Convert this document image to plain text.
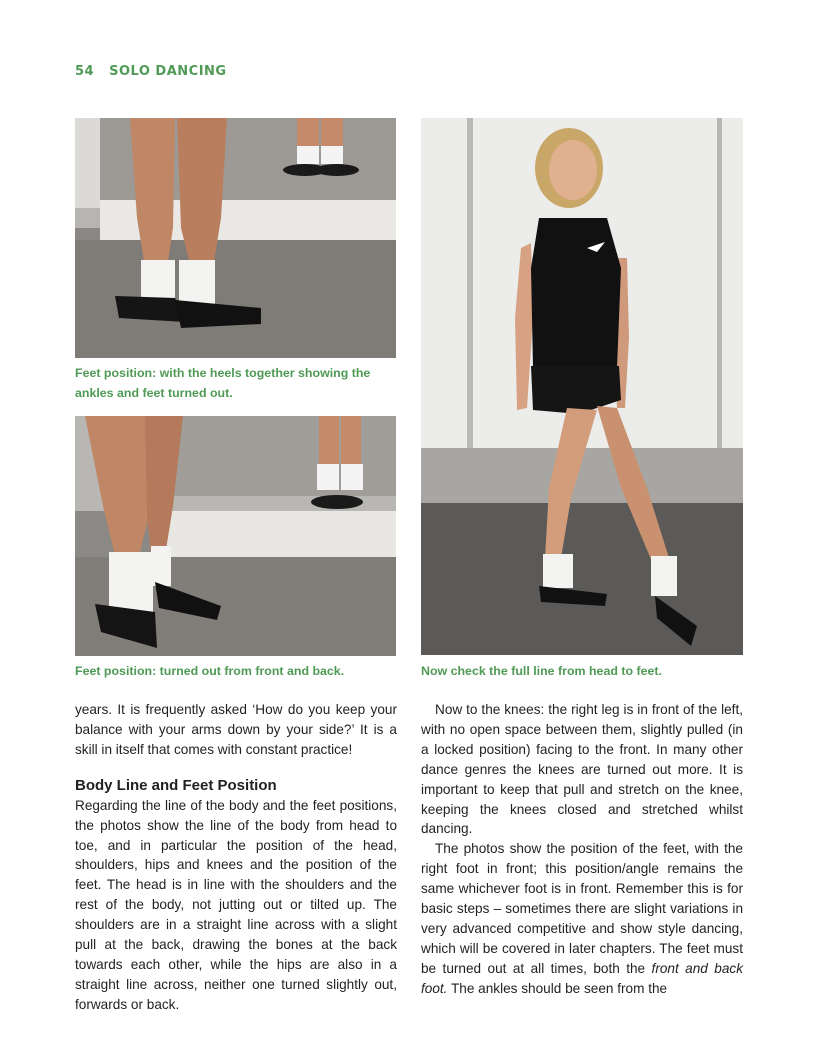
54 SOLO DANCING
Feet position: with the heels together showing the ankles and feet turned out.
Feet position: turned out from front and back.	Now check the full line from head to feet.

years. It is frequently asked ‘How do you keep your balance with your arms down by your side?’ It is a skill in itself that comes with constant practice!

Body Line and Feet Position

Regarding the line of the body and the feet positions, the photos show the line of the body from head to toe, and in particular the position of the head, shoulders, hips and knees and the position of the feet. The head is in line with the shoulders and the rest of the body, not jutting out or tilted up. The shoulders are in a straight line across with a slight pull at the back, drawing the bones at the back towards each other, while the hips are also in a straight line across, neither one turned slightly out, forwards or back.

Now to the knees: the right leg is in front of the left, with no open space between them, slightly pulled (in a locked position) facing to the front. In many other dance genres the knees are turned out more. It is important to keep that pull and stretch on the knee, keeping the knees closed and stretched whilst dancing.

The photos show the position of the feet, with the right foot in front; this position/angle remains the same whichever foot is in front. Remember this is for basic steps – sometimes there are slight variations in very advanced competitive and show style dancing, which will be covered in later chapters. The feet must be turned out at all times, both the front and back foot. The ankles should be seen from the
